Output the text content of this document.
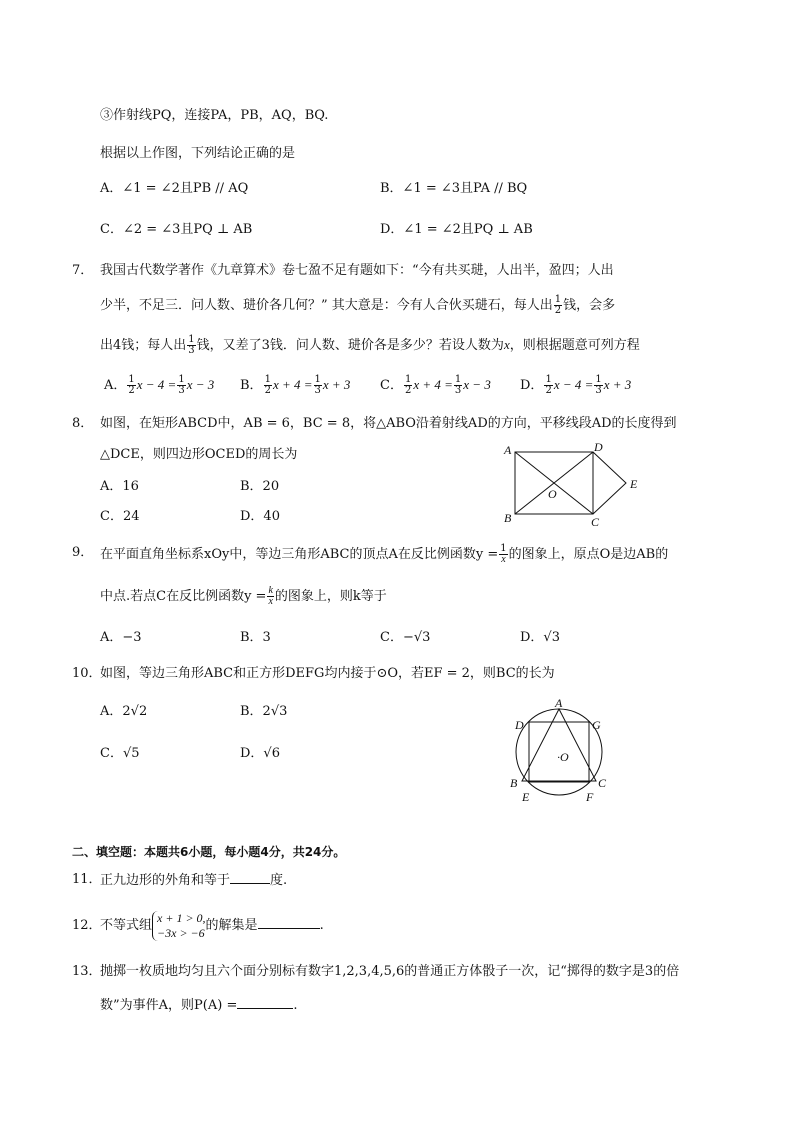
③作射线PQ，连接PA，PB，AQ，BQ.
根据以上作图，下列结论正确的是
A．∠1 = ∠2且PB // AQ	B．∠1 = ∠3且PA // BQ
C．∠2 = ∠3且PQ ⊥ AB	D．∠1 = ∠2且PQ ⊥ AB
7． 我国古代数学著作《九章算术》卷七盈不足有题如下：“今有共买琎，人出半，盈四；人出
少半，不足三．问人数、琎价各几何？” 其大意是：今有人合伙买琎石，每人出 $\frac{1}{2}$ 钱，会多
出4钱；每人出 $\frac{1}{3}$ 钱，又差了3钱．问人数、琎价各是多少？若设人数为x，则根据题意可列方程
A． $\frac{1}{2}$ $x - 4 = \frac{1}{3}$ x − 3 B． $\frac{1}{2}$ $x + 4 = \frac{1}{3}$ x + 3 C． $\frac{1}{2}$ $x + 4 = \frac{1}{3}$ x − 3 D． $\frac{1}{2}$ $x - 4 = \frac{1}{3}$ x + 3
8． 如图，在矩形ABCD中，AB = 6，BC = 8，将△ABO沿着射线AD的方向，平移线段AD的长度得到
△DCE，则四边形OCED的周长为
A．16	B．20
C．24	D．40
A	D
B	C
O
E
9． 在平面直角坐标系xOy中，等边三角形ABC的顶点A在反比例函数$y = \frac{1}{x}$ 的图象上，原点O是边AB的
中点.若点C在反比例函数$y = \frac{k}{x}$ 的图象上，则k等于
A．−3	B．3	C．−√3	D．√3
10．
如图，等边三角形ABC和正方形DEFG均内接于⊙O，若EF = 2，则BC的长为
A．2√2	B．2√3
C．√5	D．√6
A
D	G
·O
B	C
E	F
二、填空题：本题共6小题，每小题4分，共24分。
11．
正九边形的外角和等于	度.
12．
不等式组
x + 1 > 0,
−3x > −6 的解集是	.
13．
抛掷一枚质地均匀且六个面分别标有数字1,2,3,4,5,6的普通正方体骰子一次，记“掷得的数字是3的倍
数”为事件A，则P(A) =	.
